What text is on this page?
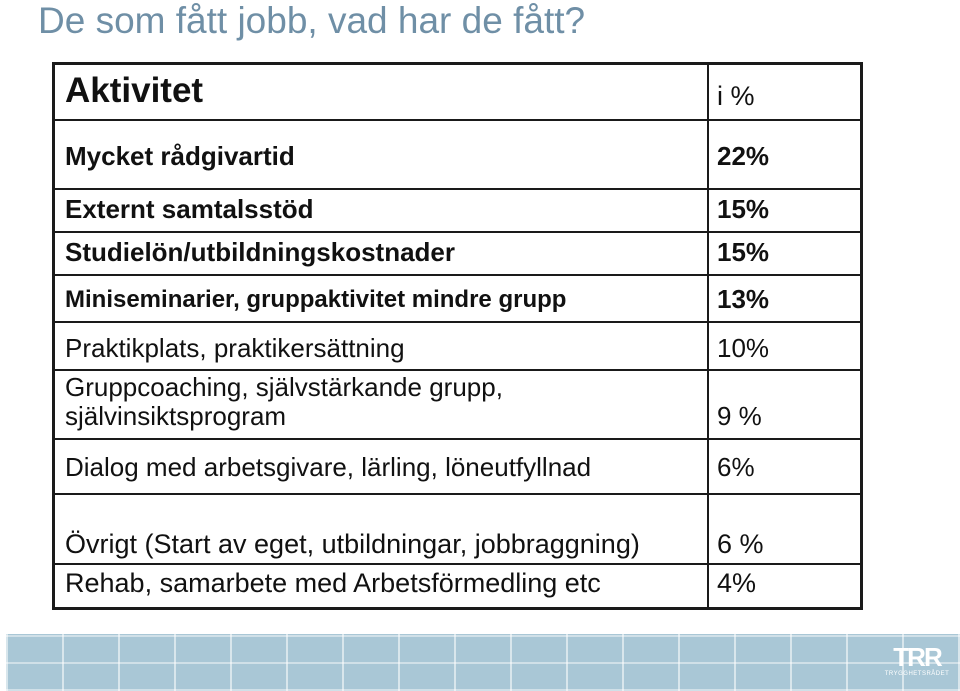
De som fått jobb, vad har de fått?
Aktivitet	i %
Mycket rådgivartid	22%
Externt samtalsstöd	15%
Studielön/utbildningskostnader	15%
Miniseminarier, gruppaktivitet mindre grupp	13%
Praktikplats, praktikersättning	10%
Gruppcoaching, självstärkande grupp,
självinsiktsprogram	9 %
Dialog med arbetsgivare, lärling, löneutfyllnad	6%
Övrigt (Start av eget, utbildningar, jobbraggning)	6 %
Rehab, samarbete med Arbetsförmedling etc	4%
TRR
TRYGGHETSRÅDET
